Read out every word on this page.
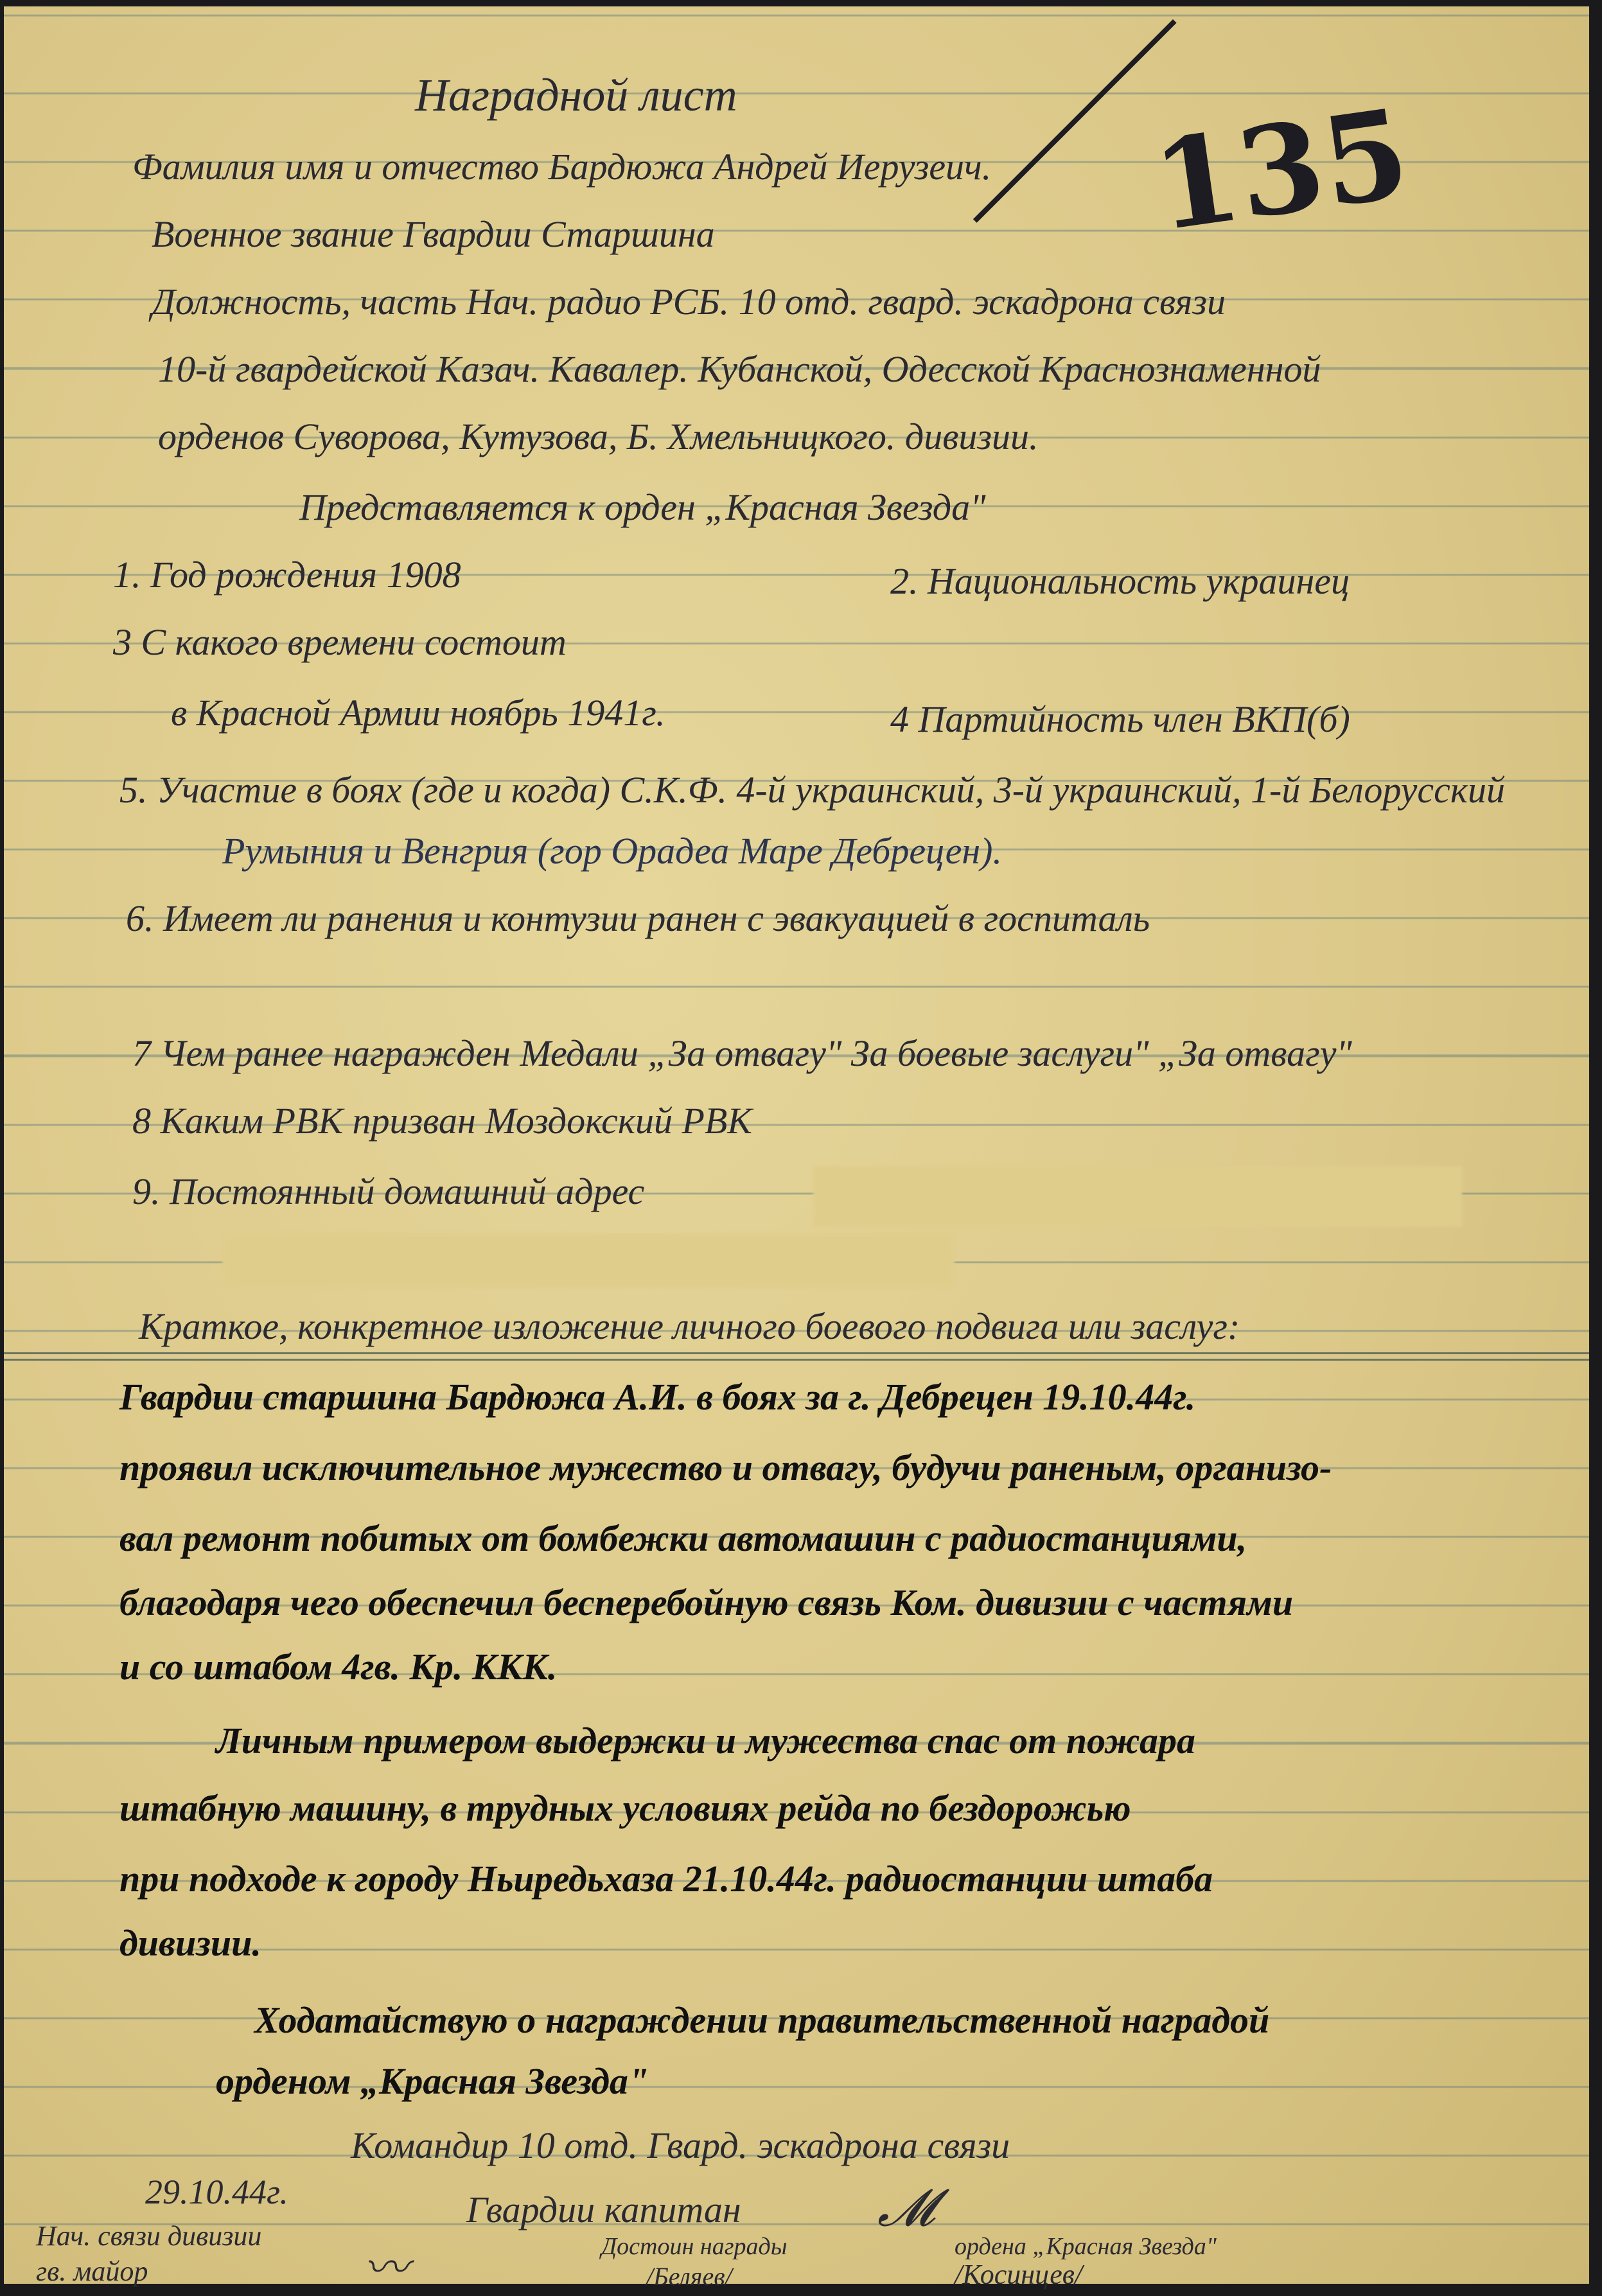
135
Наградной лист
Фамилия имя и отчество Бардюжа Андрей Иерузеич.
Военное звание Гвардии Старшина
Должность, часть Нач. радио РСБ. 10 отд. гвард. эскадрона связи
10-й гвардейской Казач. Кавалер. Кубанской, Одесской Краснознаменной
орденов Суворова, Кутузова, Б. Хмельницкого. дивизии.
Представляется к орден „Красная Звезда"
1. Год рождения 1908	2. Национальность украинец
3 С какого времени состоит
в Красной Армии ноябрь 1941г.	4 Партийность член ВКП(б)
5. Участие в боях (где и когда) С.К.Ф. 4-й украинский, 3-й украинский, 1-й Белорусский
Румыния и Венгрия (гор Орадеа Маре Дебрецен).
6. Имеет ли ранения и контузии ранен с эвакуацией в госпиталь
7 Чем ранее награжден Медали „За отвагу" За боевые заслуги" „За отвагу"
8 Каким РВК призван Моздокский РВК
9. Постоянный домашний адрес
Краткое, конкретное изложение личного боевого подвига или заслуг:
Гвардии старшина Бардюжа А.И. в боях за г. Дебрецен 19.10.44г.
проявил исключительное мужество и отвагу, будучи раненым, организо-
вал ремонт побитых от бомбежки автомашин с радиостанциями,
благодаря чего обеспечил бесперебойную связь Ком. дивизии с частями
и со штабом 4гв. Кр. ККК.
Личным примером выдержки и мужества спас от пожара
штабную машину, в трудных условиях рейда по бездорожью
при подходе к городу Ньиредьхаза 21.10.44г. радиостанции штаба
дивизии.
Ходатайствую о награждении правительственной наградой
орденом „Красная Звезда"
Командир 10 отд. Гвард. эскадрона связи
29.10.44г.	Гвардии капитан	𝓜
Нач. связи дивизии
гв. майор	〰	Достоин награды
/Беляев/
ордена „Красная Звезда"
/Косинцев/
